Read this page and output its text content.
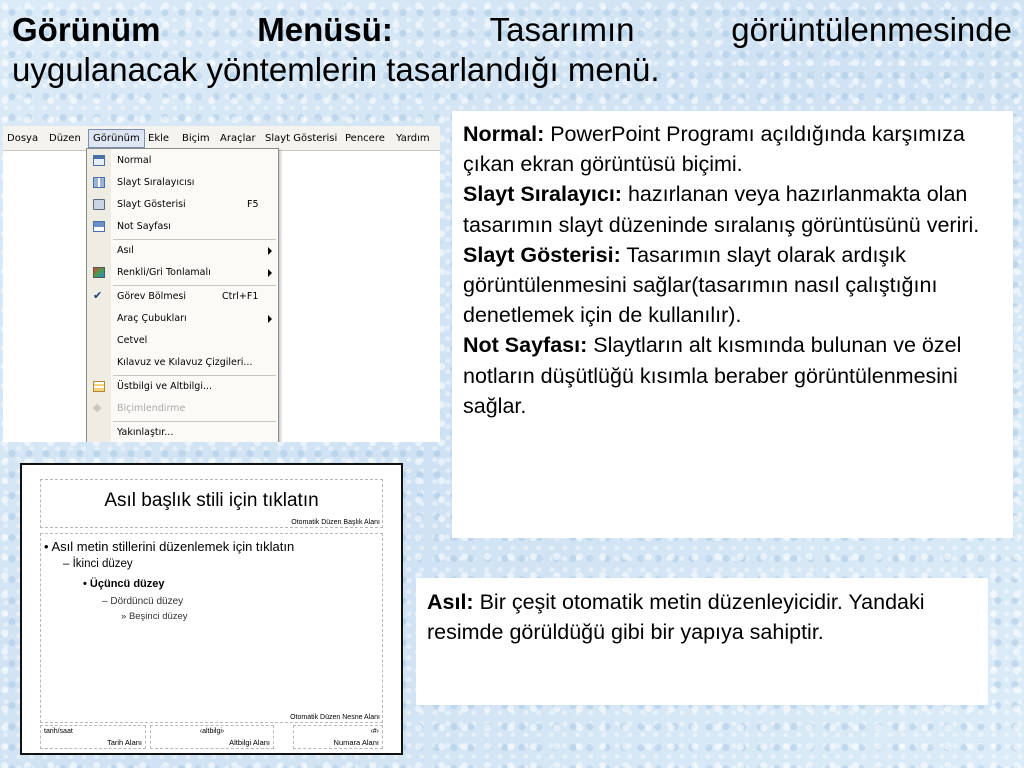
Görünüm	Menüsü:	Tasarımın	görüntülenmesinde
uygulanacak yöntemlerin tasarlandığı menü.
Dosya Düzen	Görünüm Ekle Biçim Araçlar Slayt Gösterisi Pencere Yardım
Normal
Slayt Sıralayıcısı
Slayt Gösterisi	F5
Not Sayfası
Asıl
Renkli/Gri Tonlamalı
✔ Görev Bölmesi	Ctrl+F1
Araç Çubukları
Cetvel
Kılavuz ve Kılavuz Çizgileri...
Üstbilgi ve Altbilgi...
◆	Biçimlendirme
Yakınlaştır...
Asıl başlık stili için tıklatın
Otomatik Düzen Başlık Alanı
• Asıl metin stillerini düzenlemek için tıklatın
– İkinci düzey
• Üçüncü düzey
– Dördüncü düzey
» Beşinci düzey
Otomatik Düzen Nesne Alanı
tarih/saat
Tarih Alanı
‹altbilgi›
Altbilgi Alanı
‹#›
Numara Alanı

Normal: PowerPoint Programı açıldığında karşımıza çıkan ekran görüntüsü biçimi.

Slayt Sıralayıcı: hazırlanan veya hazırlanmakta olan tasarımın slayt düzeninde sıralanış görüntüsünü veriri.

Slayt Gösterisi: Tasarımın slayt olarak ardışık görüntülenmesini sağlar(tasarımın nasıl çalıştığını denetlemek için de kullanılır).

Not Sayfası: Slaytların alt kısmında bulunan ve özel notların düşütlüğü kısımla beraber görüntülenmesini sağlar.

Asıl: Bir çeşit otomatik metin düzenleyicidir. Yandaki resimde görüldüğü gibi bir yapıya sahiptir.
